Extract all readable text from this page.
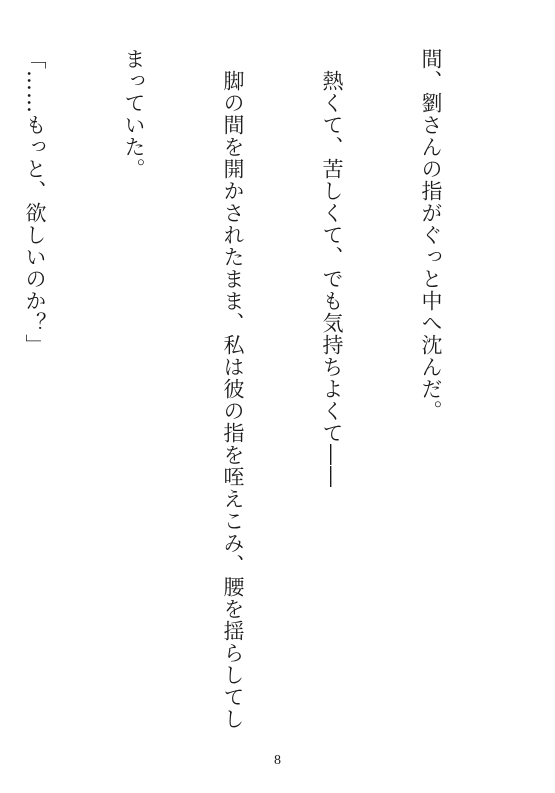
間、劉さんの指がぐっと中へ沈んだ。

　熱くて、苦しくて、でも気持ちよくて――

　脚の間を開かされたまま、私は彼の指を咥えこみ、腰を揺らしてし

まっていた。

「……もっと、欲しいのか？」

8
